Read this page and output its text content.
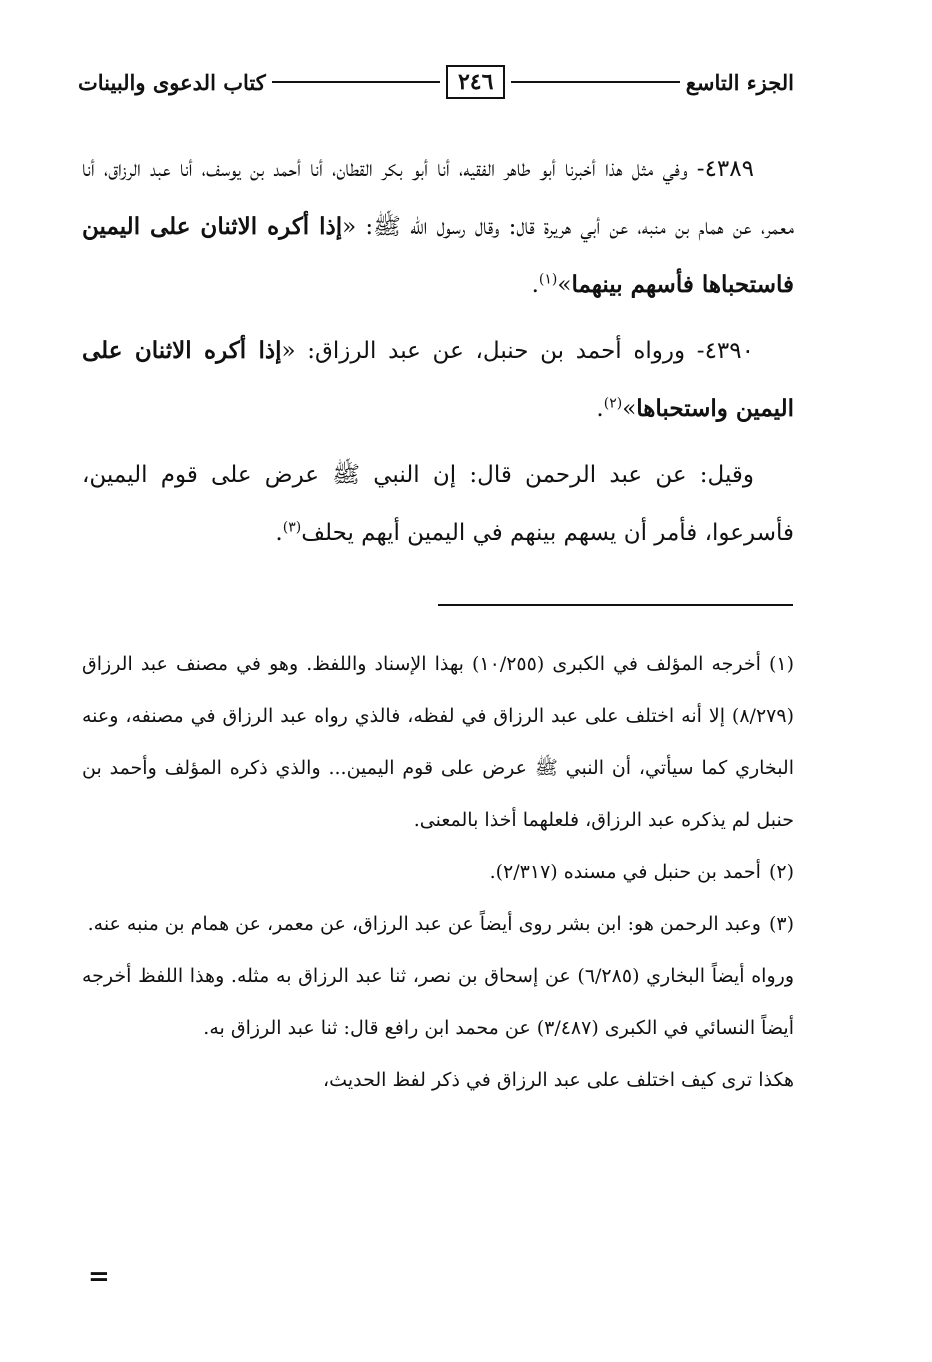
الجزء التاسع
٢٤٦
كتاب الدعوى والبينات

٤٣٨٩- وفي مثل هذا أخبرنا أبو طاهر الفقيه، أنا أبو بكر القطان، أنا أحمد بن يوسف، أنا عبد الرزاق، أنا معمر، عن همام بن منبه، عن أبي هريرة قال: وقال رسول الله ﷺ: «إذا أكره الاثنان على اليمين فاستحباها فأسهم بينهما»$^{(١)}$.

٤٣٩٠- ورواه أحمد بن حنبل، عن عبد الرزاق: «إذا أكره الاثنان على اليمين واستحباها»$^{(٢)}$.

وقيل: عن عبد الرحمن قال: إن النبي ﷺ عرض على قوم اليمين، فأسرعوا، فأمر أن يسهم بينهم في اليمين أيهم يحلف$^{(٣)}$.

(١)أخرجه المؤلف في الكبرى (١٠/٢٥٥) بهذا الإسناد واللفظ. وهو في مصنف عبد الرزاق (٨/٢٧٩) إلا أنه اختلف على عبد الرزاق في لفظه، فالذي رواه عبد الرزاق في مصنفه، وعنه البخاري كما سيأتي، أن النبي ﷺ عرض على قوم اليمين... والذي ذكره المؤلف وأحمد بن حنبل لم يذكره عبد الرزاق، فلعلهما أخذا بالمعنى.

(٢)أحمد بن حنبل في مسنده (٢/٣١٧).

(٣)وعبد الرحمن هو: ابن بشر روى أيضاً عن عبد الرزاق، عن معمر، عن همام بن منبه عنه.

ورواه أيضاً البخاري (٦/٢٨٥) عن إسحاق بن نصر، ثنا عبد الرزاق به مثله. وهذا اللفظ أخرجه أيضاً النسائي في الكبرى (٣/٤٨٧) عن محمد ابن رافع قال: ثنا عبد الرزاق به.

هكذا ترى كيف اختلف على عبد الرزاق في ذكر لفظ الحديث،

=
